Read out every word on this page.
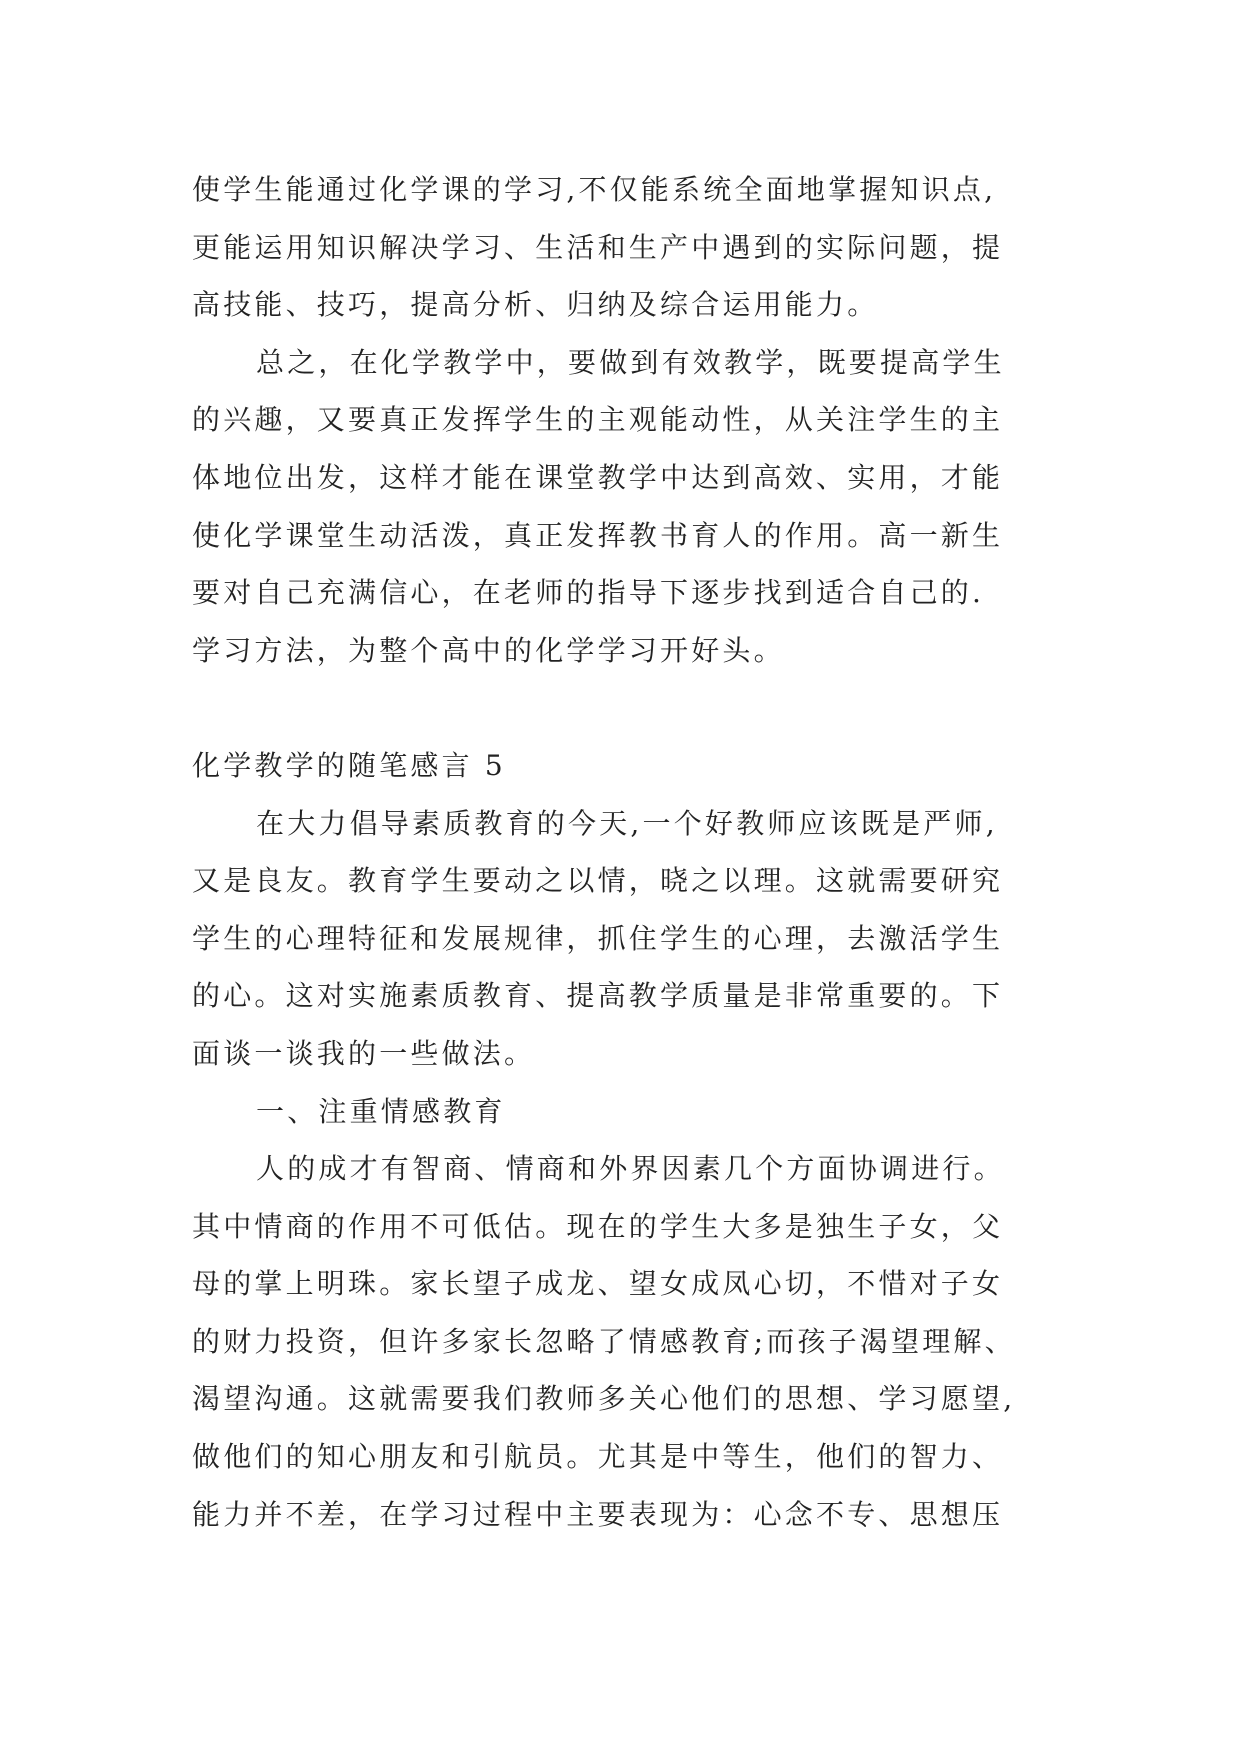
使学生能通过化学课的学习,不仅能系统全面地掌握知识点,
更能运用知识解决学习、生活和生产中遇到的实际问题，提
高技能、技巧，提高分析、归纳及综合运用能力。
总之，在化学教学中，要做到有效教学，既要提高学生
的兴趣，又要真正发挥学生的主观能动性，从关注学生的主
体地位出发，这样才能在课堂教学中达到高效、实用，才能
使化学课堂生动活泼，真正发挥教书育人的作用。高一新生
要对自己充满信心，在老师的指导下逐步找到适合自己的.
学习方法，为整个高中的化学学习开好头。
化学教学的随笔感言 5
在大力倡导素质教育的今天,一个好教师应该既是严师,
又是良友。教育学生要动之以情，晓之以理。这就需要研究
学生的心理特征和发展规律，抓住学生的心理，去激活学生
的心。这对实施素质教育、提高教学质量是非常重要的。下
面谈一谈我的一些做法。
一、注重情感教育
人的成才有智商、情商和外界因素几个方面协调进行。
其中情商的作用不可低估。现在的学生大多是独生子女，父
母的掌上明珠。家长望子成龙、望女成凤心切，不惜对子女
的财力投资，但许多家长忽略了情感教育;而孩子渴望理解、
渴望沟通。这就需要我们教师多关心他们的思想、学习愿望,
做他们的知心朋友和引航员。尤其是中等生，他们的智力、
能力并不差，在学习过程中主要表现为：心念不专、思想压
